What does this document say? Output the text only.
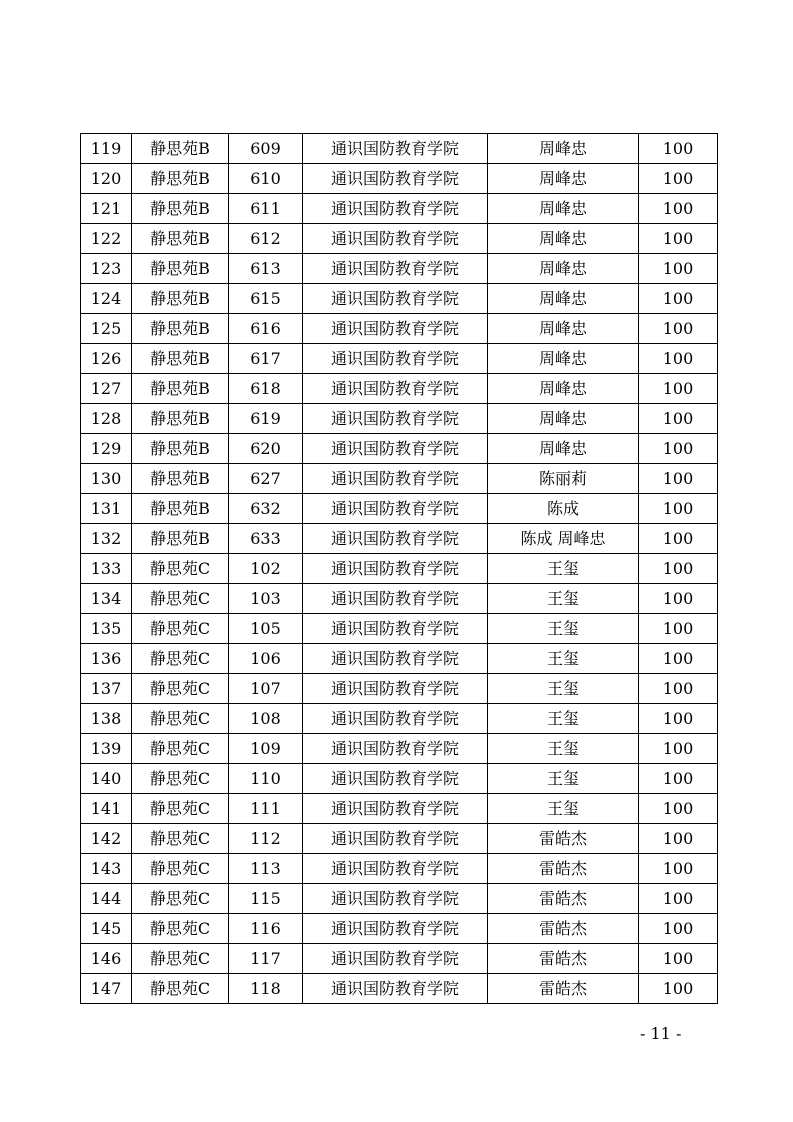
119	静思苑B	609	通识国防教育学院	周峰忠	100
120	静思苑B	610	通识国防教育学院	周峰忠	100
121	静思苑B	611	通识国防教育学院	周峰忠	100
122	静思苑B	612	通识国防教育学院	周峰忠	100
123	静思苑B	613	通识国防教育学院	周峰忠	100
124	静思苑B	615	通识国防教育学院	周峰忠	100
125	静思苑B	616	通识国防教育学院	周峰忠	100
126	静思苑B	617	通识国防教育学院	周峰忠	100
127	静思苑B	618	通识国防教育学院	周峰忠	100
128	静思苑B	619	通识国防教育学院	周峰忠	100
129	静思苑B	620	通识国防教育学院	周峰忠	100
130	静思苑B	627	通识国防教育学院	陈丽莉	100
131	静思苑B	632	通识国防教育学院	陈成	100
132	静思苑B	633	通识国防教育学院	陈成 周峰忠	100
133	静思苑C	102	通识国防教育学院	王玺	100
134	静思苑C	103	通识国防教育学院	王玺	100
135	静思苑C	105	通识国防教育学院	王玺	100
136	静思苑C	106	通识国防教育学院	王玺	100
137	静思苑C	107	通识国防教育学院	王玺	100
138	静思苑C	108	通识国防教育学院	王玺	100
139	静思苑C	109	通识国防教育学院	王玺	100
140	静思苑C	110	通识国防教育学院	王玺	100
141	静思苑C	111	通识国防教育学院	王玺	100
142	静思苑C	112	通识国防教育学院	雷皓杰	100
143	静思苑C	113	通识国防教育学院	雷皓杰	100
144	静思苑C	115	通识国防教育学院	雷皓杰	100
145	静思苑C	116	通识国防教育学院	雷皓杰	100
146	静思苑C	117	通识国防教育学院	雷皓杰	100
147	静思苑C	118	通识国防教育学院	雷皓杰	100
- 11 -
